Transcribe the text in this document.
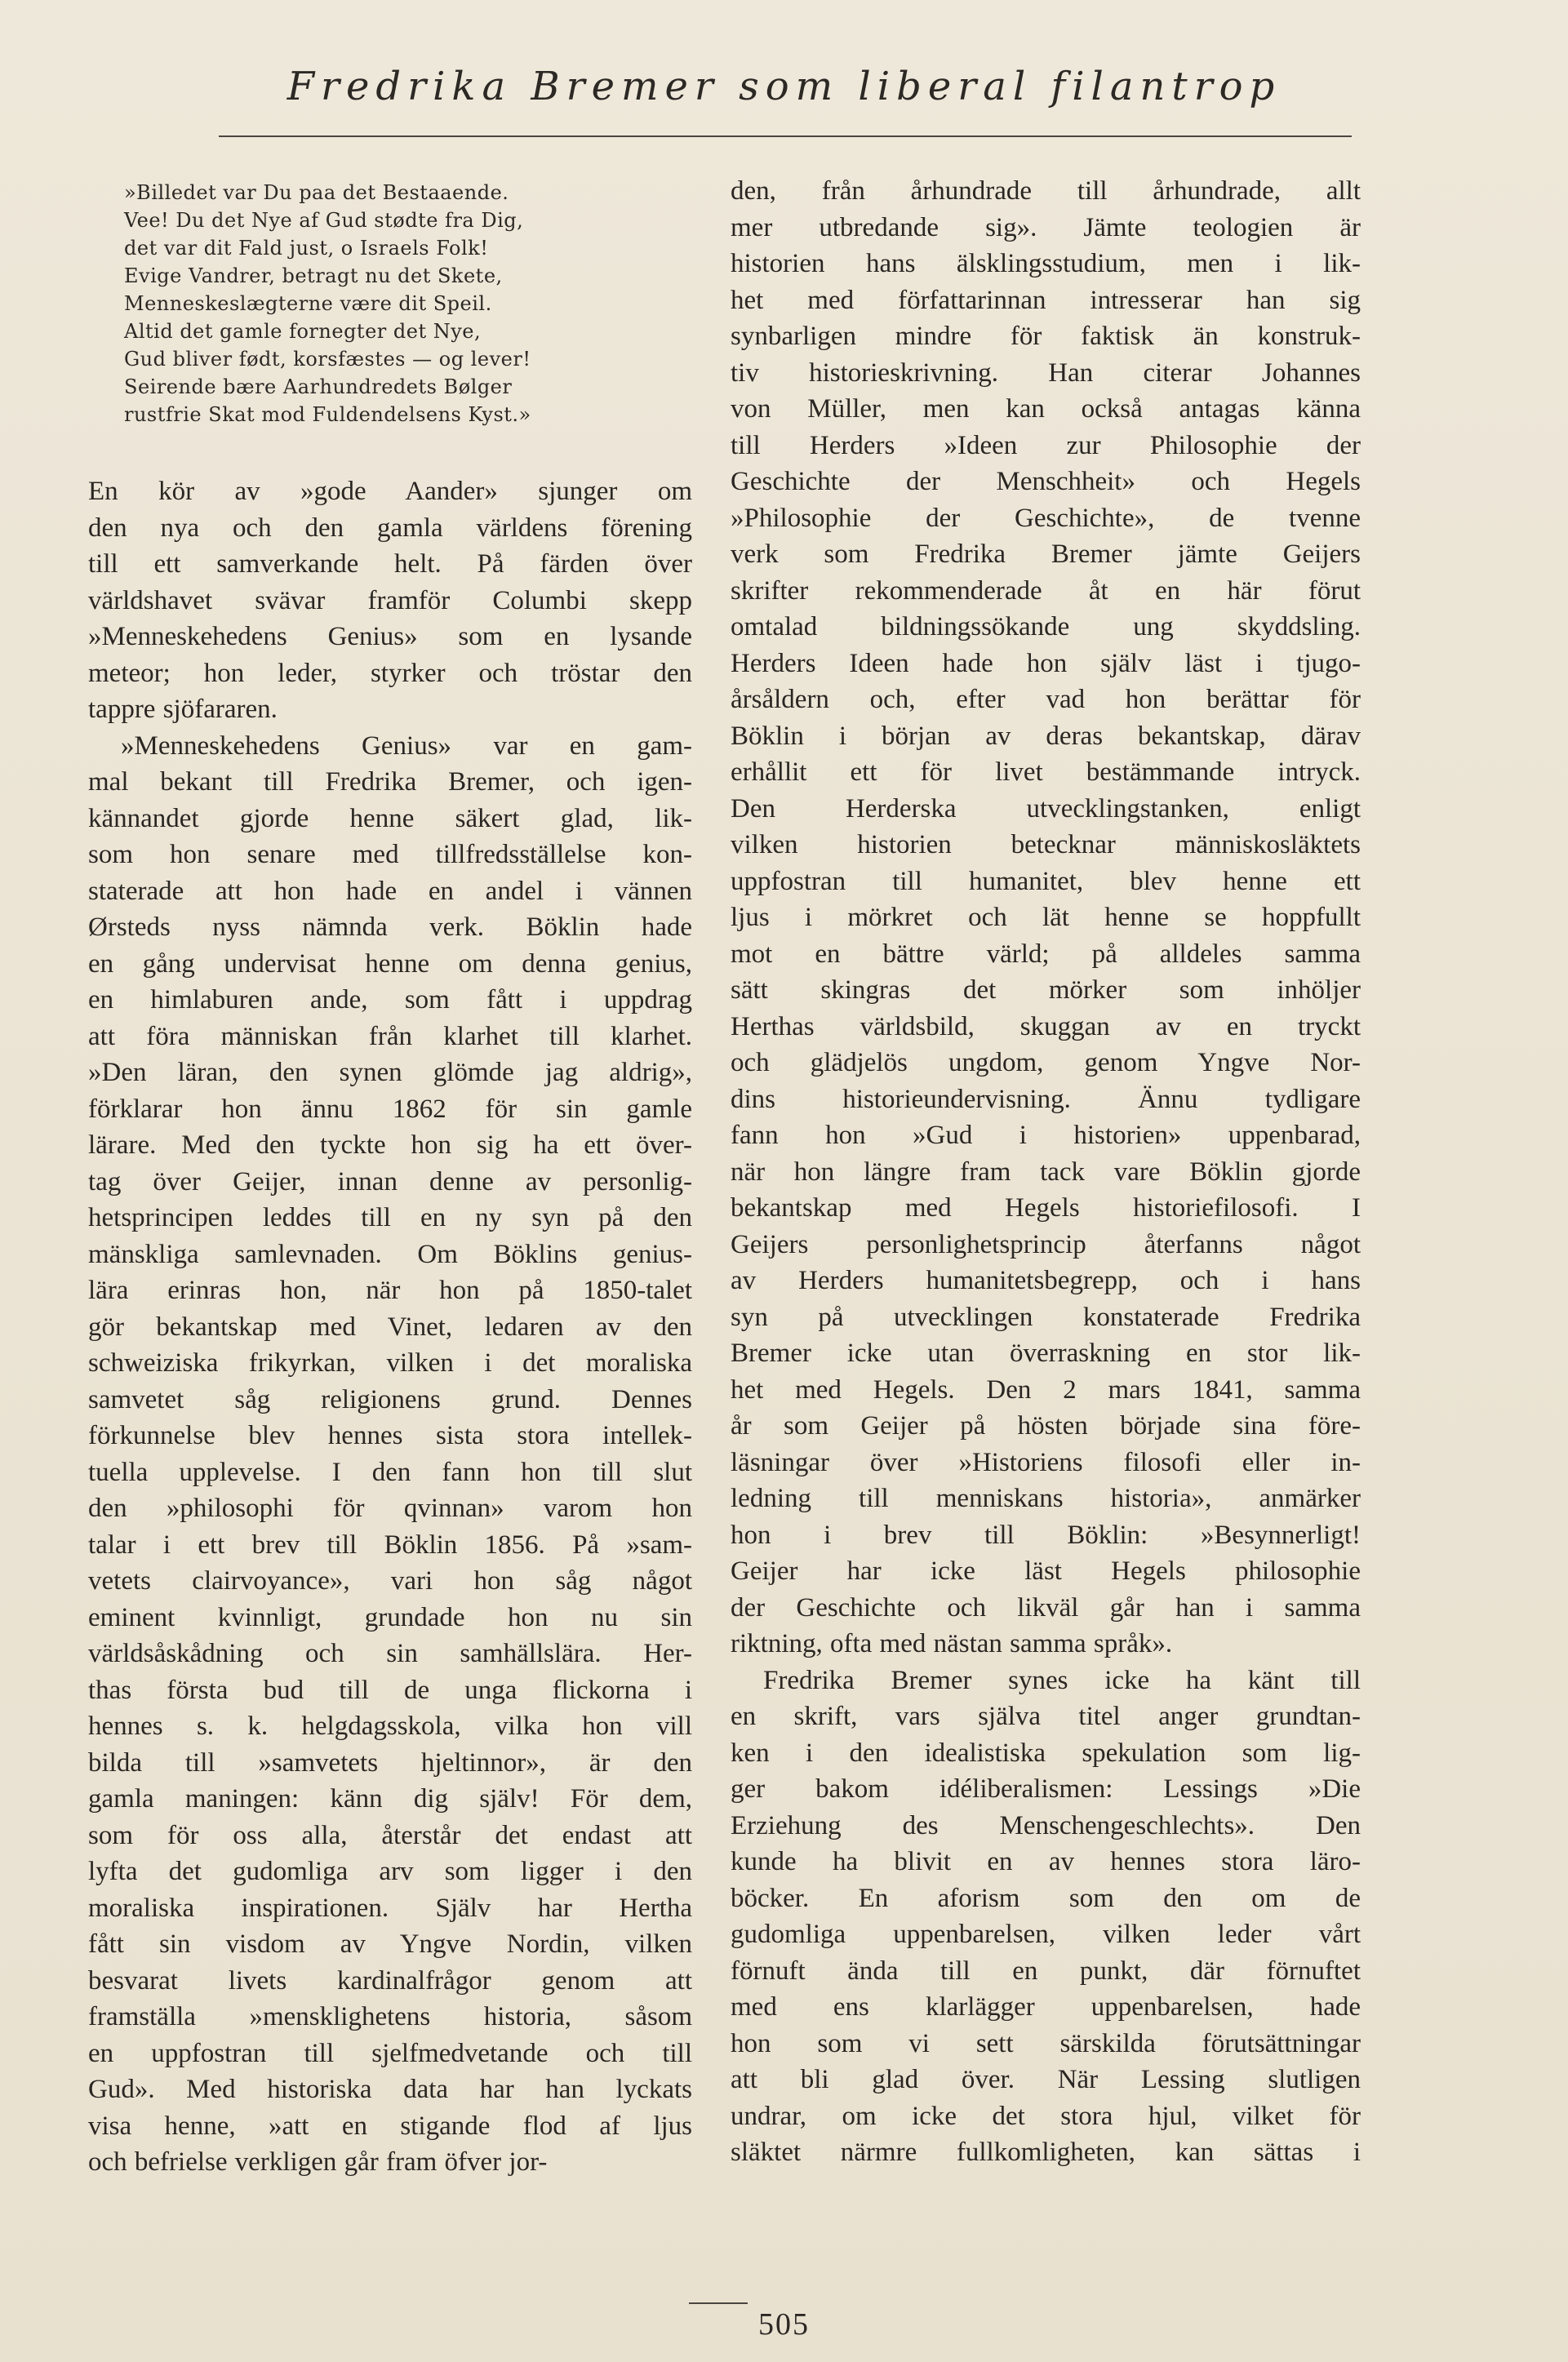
Fredrika Bremer som liberal filantrop
»Billedet var Du paa det Bestaaende.
Vee! Du det Nye af Gud stødte fra Dig,
det var dit Fald just, o Israels Folk!
Evige Vandrer, betragt nu det Skete,
Menneskeslægterne være dit Speil.
Altid det gamle fornegter det Nye,
Gud bliver født, korsfæstes — og lever!
Seirende bære Aarhundredets Bølger
rustfrie Skat mod Fuldendelsens Kyst.»
En kör av »gode Aander» sjunger om
den nya och den gamla världens förening
till ett samverkande helt. På färden över
världshavet svävar framför Columbi skepp
»Menneskehedens Genius» som en lysande
meteor; hon leder, styrker och tröstar den
tappre sjöfararen.
»Menneskehedens Genius» var en gam-
mal bekant till Fredrika Bremer, och igen-
kännandet gjorde henne säkert glad, lik-
som hon senare med tillfredsställelse kon-
staterade att hon hade en andel i vännen
Ørsteds nyss nämnda verk. Böklin hade
en gång undervisat henne om denna genius,
en himlaburen ande, som fått i uppdrag
att föra människan från klarhet till klarhet.
»Den läran, den synen glömde jag aldrig»,
förklarar hon ännu 1862 för sin gamle
lärare. Med den tyckte hon sig ha ett över-
tag över Geijer, innan denne av personlig-
hetsprincipen leddes till en ny syn på den
mänskliga samlevnaden. Om Böklins genius-
lära erinras hon, när hon på 1850-talet
gör bekantskap med Vinet, ledaren av den
schweiziska frikyrkan, vilken i det moraliska
samvetet såg religionens grund. Dennes
förkunnelse blev hennes sista stora intellek-
tuella upplevelse. I den fann hon till slut
den »philosophi för qvinnan» varom hon
talar i ett brev till Böklin 1856. På »sam-
vetets clairvoyance», vari hon såg något
eminent kvinnligt, grundade hon nu sin
världsåskådning och sin samhällslära. Her-
thas första bud till de unga flickorna i
hennes s. k. helgdagsskola, vilka hon vill
bilda till »samvetets hjeltinnor», är den
gamla maningen: känn dig själv! För dem,
som för oss alla, återstår det endast att
lyfta det gudomliga arv som ligger i den
moraliska inspirationen. Själv har Hertha
fått sin visdom av Yngve Nordin, vilken
besvarat livets kardinalfrågor genom att
framställa »mensklighetens historia, såsom
en uppfostran till sjelfmedvetande och till
Gud». Med historiska data har han lyckats
visa henne, »att en stigande flod af ljus
och befrielse verkligen går fram öfver jor-
den, från århundrade till århundrade, allt
mer utbredande sig». Jämte teologien är
historien hans älsklingsstudium, men i lik-
het med författarinnan intresserar han sig
synbarligen mindre för faktisk än konstruk-
tiv historieskrivning. Han citerar Johannes
von Müller, men kan också antagas känna
till Herders »Ideen zur Philosophie der
Geschichte der Menschheit» och Hegels
»Philosophie der Geschichte», de tvenne
verk som Fredrika Bremer jämte Geijers
skrifter rekommenderade åt en här förut
omtalad bildningssökande ung skyddsling.
Herders Ideen hade hon själv läst i tjugo-
årsåldern och, efter vad hon berättar för
Böklin i början av deras bekantskap, därav
erhållit ett för livet bestämmande intryck.
Den Herderska utvecklingstanken, enligt
vilken historien betecknar människosläktets
uppfostran till humanitet, blev henne ett
ljus i mörkret och lät henne se hoppfullt
mot en bättre värld; på alldeles samma
sätt skingras det mörker som inhöljer
Herthas världsbild, skuggan av en tryckt
och glädjelös ungdom, genom Yngve Nor-
dins historieundervisning. Ännu tydligare
fann hon »Gud i historien» uppenbarad,
när hon längre fram tack vare Böklin gjorde
bekantskap med Hegels historiefilosofi. I
Geijers personlighetsprincip återfanns något
av Herders humanitetsbegrepp, och i hans
syn på utvecklingen konstaterade Fredrika
Bremer icke utan överraskning en stor lik-
het med Hegels. Den 2 mars 1841, samma
år som Geijer på hösten började sina före-
läsningar över »Historiens filosofi eller in-
ledning till menniskans historia», anmärker
hon i brev till Böklin: »Besynnerligt!
Geijer har icke läst Hegels philosophie
der Geschichte och likväl går han i samma
riktning, ofta med nästan samma språk».
Fredrika Bremer synes icke ha känt till
en skrift, vars själva titel anger grundtan-
ken i den idealistiska spekulation som lig-
ger bakom idéliberalismen: Lessings »Die
Erziehung des Menschengeschlechts». Den
kunde ha blivit en av hennes stora läro-
böcker. En aforism som den om de
gudomliga uppenbarelsen, vilken leder vårt
förnuft ända till en punkt, där förnuftet
med ens klarlägger uppenbarelsen, hade
hon som vi sett särskilda förutsättningar
att bli glad över. När Lessing slutligen
undrar, om icke det stora hjul, vilket för
släktet närmre fullkomligheten, kan sättas i
505
